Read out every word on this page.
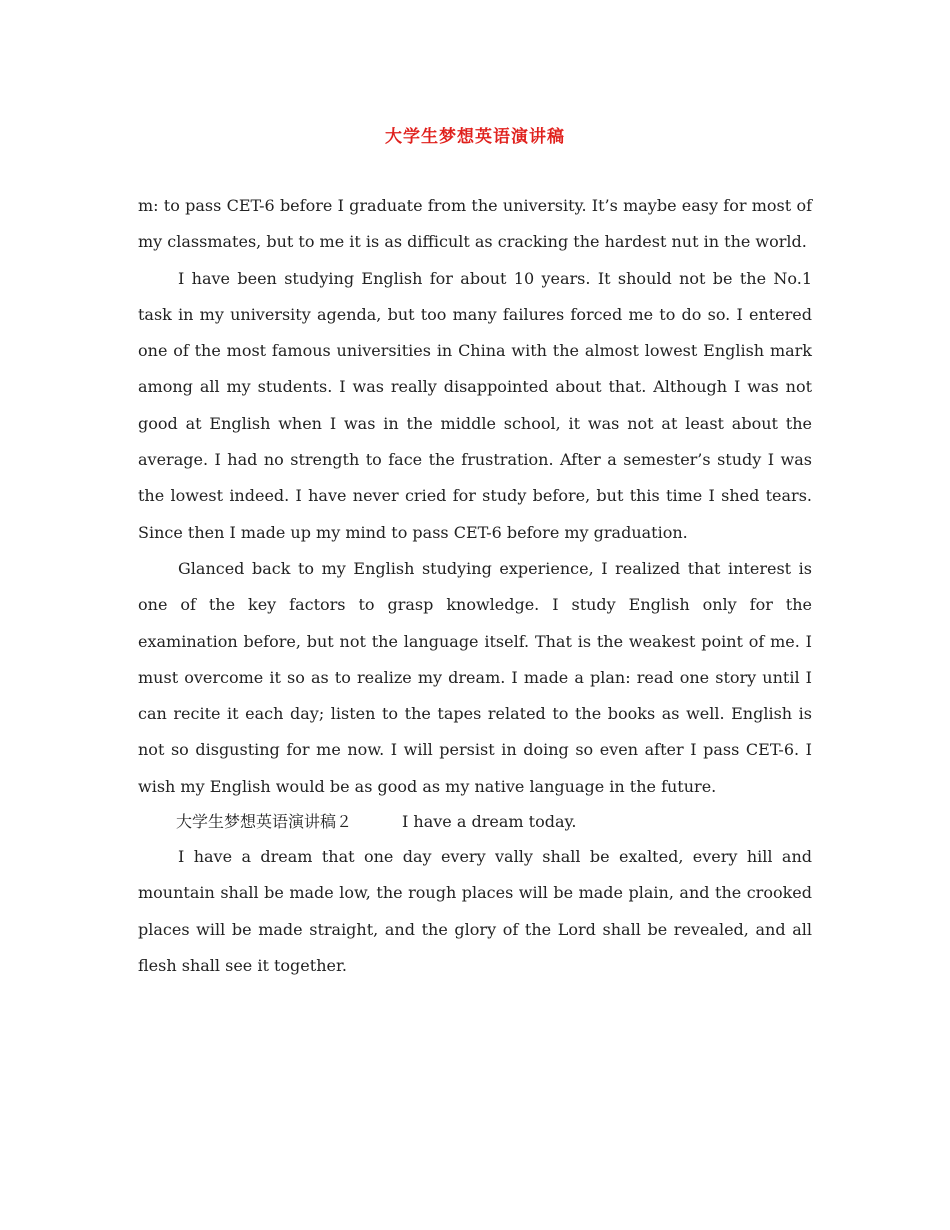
大学生梦想英语演讲稿

m: to pass CET-6 before I graduate from the university. It’s maybe easy for most of my classmates, but to me it is as difficult as cracking the hardest nut in the world.

I have been studying English for about 10 years. It should not be the No.1 task in my university agenda, but too many failures forced me to do so. I entered one of the most famous universities in China with the almost lowest English mark among all my students. I was really disappointed about that. Although I was not good at English when I was in the middle school, it was not at least about the average. I had no strength to face the frustration. After a semester’s study I was the lowest indeed. I have never cried for study before, but this time I shed tears. Since then I made up my mind to pass CET-6 before my graduation.

Glanced back to my English studying experience, I realized that interest is one of the key factors to grasp knowledge. I study English only for the examination before, but not the language itself. That is the weakest point of me. I must overcome it so as to realize my dream. I made a plan: read one story until I can recite it each day; listen to the tapes related to the books as well. English is not so disgusting for me now. I will persist in doing so even after I pass CET-6. I wish my English would be as good as my native language in the future.

大学生梦想英语演讲稿２	I have a dream today.

I have a dream that one day every vally shall be exalted, every hill and mountain shall be made low, the rough places will be made plain, and the crooked places will be made straight, and the glory of the Lord shall be revealed, and all flesh shall see it together.
